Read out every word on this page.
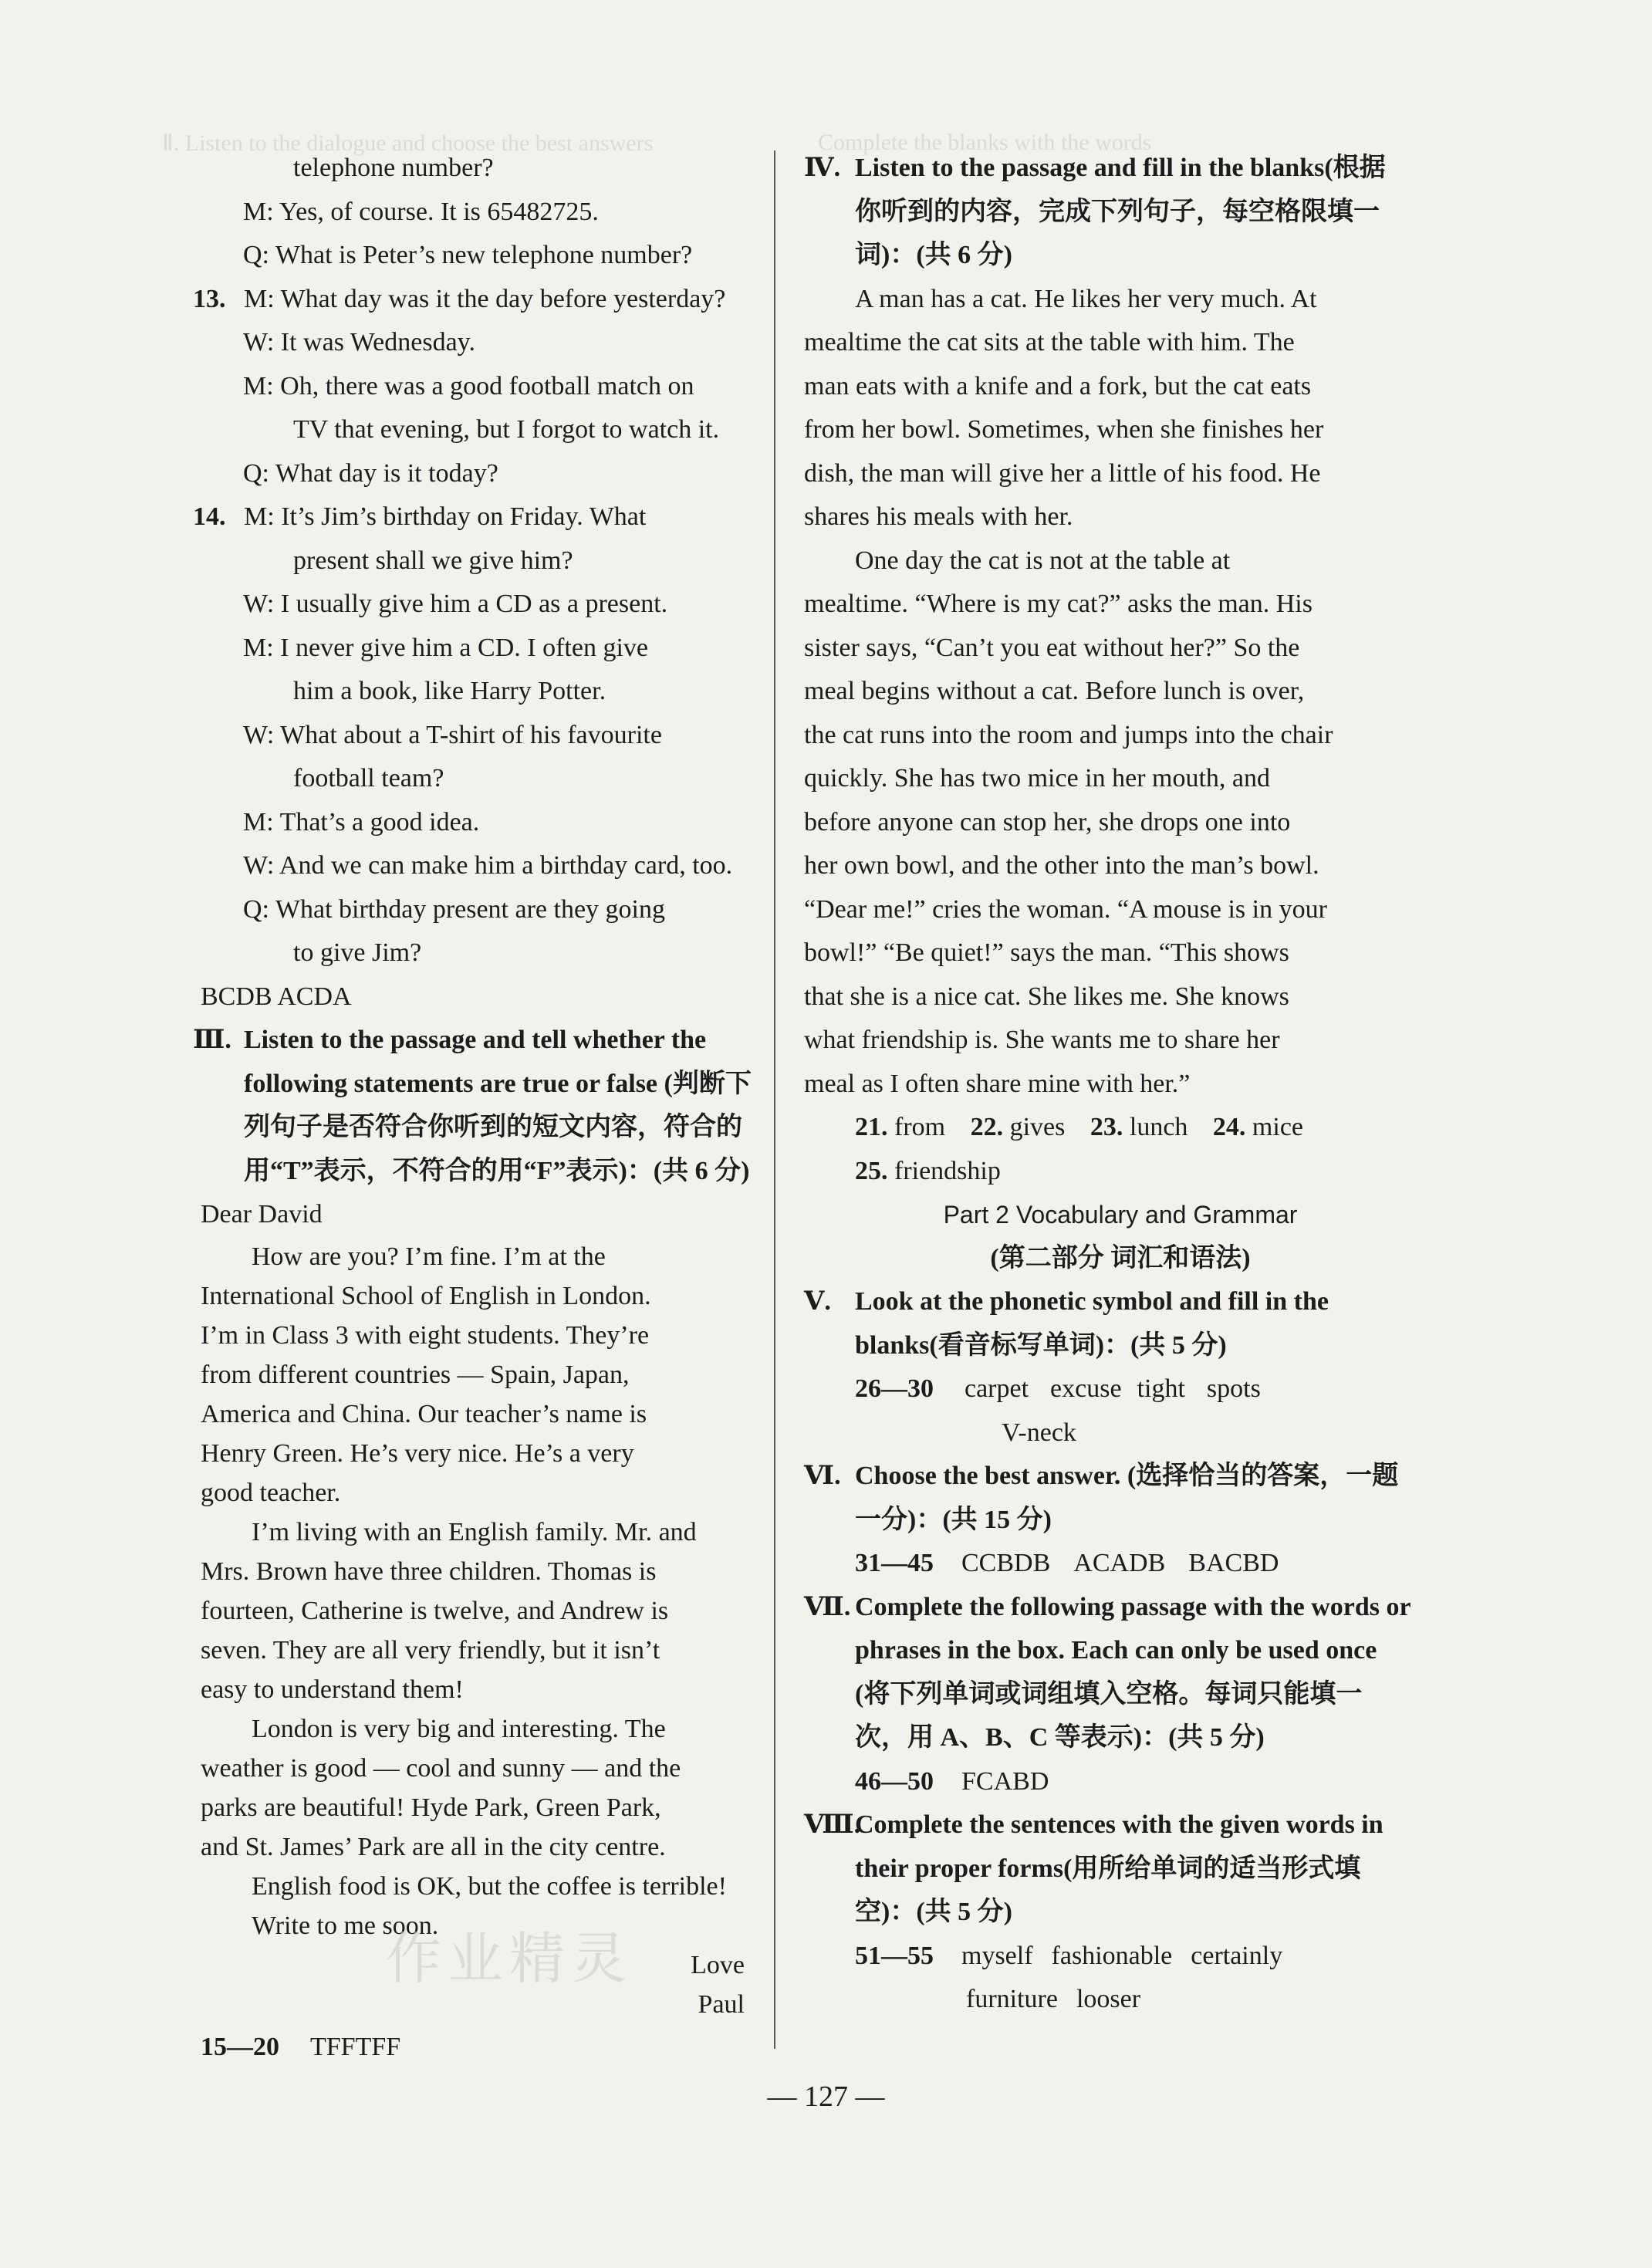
Ⅱ. Listen to the dialogue and choose the best answers	Complete the blanks with the words
telephone number?
M: Yes, of course. It is 65482725.
Q: What is Peter’s new telephone number?
13. M: What day was it the day before yesterday?
W: It was Wednesday.
M: Oh, there was a good football match on
TV that evening, but I forgot to watch it.
Q: What day is it today?
14. M: It’s Jim’s birthday on Friday. What
present shall we give him?
W: I usually give him a CD as a present.
M: I never give him a CD. I often give
him a book, like Harry Potter.
W: What about a T-shirt of his favourite
football team?
M: That’s a good idea.
W: And we can make him a birthday card, too.
Q: What birthday present are they going
to give Jim?
BCDB ACDA
Ⅲ. Listen to the passage and tell whether the
following statements are true or false (判断下
列句子是否符合你听到的短文内容，符合的
用“T”表示，不符合的用“F”表示)：(共 6 分)
Dear David
How are you? I’m fine. I’m at the
International School of English in London.
I’m in Class 3 with eight students. They’re
from different countries — Spain, Japan,
America and China. Our teacher’s name is
Henry Green. He’s very nice. He’s a very
good teacher.
I’m living with an English family. Mr. and
Mrs. Brown have three children. Thomas is
fourteen, Catherine is twelve, and Andrew is
seven. They are all very friendly, but it isn’t
easy to understand them!
London is very big and interesting. The
weather is good — cool and sunny — and the
parks are beautiful! Hyde Park, Green Park,
and St. James’ Park are all in the city centre.
English food is OK, but the coffee is terrible!
Write to me soon.
Love
Paul
15—20 TFFTFF
Ⅳ. Listen to the passage and fill in the blanks(根据
你听到的内容，完成下列句子，每空格限填一
词)：(共 6 分)
A man has a cat. He likes her very much. At
mealtime the cat sits at the table with him. The
man eats with a knife and a fork, but the cat eats
from her bowl. Sometimes, when she finishes her
dish, the man will give her a little of his food. He
shares his meals with her.
One day the cat is not at the table at
mealtime. “Where is my cat?” asks the man. His
sister says, “Can’t you eat without her?” So the
meal begins without a cat. Before lunch is over,
the cat runs into the room and jumps into the chair
quickly. She has two mice in her mouth, and
before anyone can stop her, she drops one into
her own bowl, and the other into the man’s bowl.
“Dear me!” cries the woman. “A mouse is in your
bowl!” “Be quiet!” says the man. “This shows
that she is a nice cat. She likes me. She knows
what friendship is. She wants me to share her
meal as I often share mine with her.”
21. from 22. gives 23. lunch 24. mice
25. friendship
Part 2 Vocabulary and Grammar
(第二部分 词汇和语法)
Ⅴ. Look at the phonetic symbol and fill in the
blanks(看音标写单词)：(共 5 分)
26—30 carpet excuse tight spots
V-neck
Ⅵ. Choose the best answer. (选择恰当的答案，一题
一分)：(共 15 分)
31—45 CCBDB ACADB BACBD
Ⅶ. Complete the following passage with the words or
phrases in the box. Each can only be used once
(将下列单词或词组填入空格。每词只能填一
次，用 A、B、C 等表示)：(共 5 分)
46—50 FCABD
Ⅷ.Complete the sentences with the given words in
their proper forms(用所给单词的适当形式填
空)：(共 5 分)
51—55 myself fashionable certainly
furniture looser
作业精灵
— 127 —
